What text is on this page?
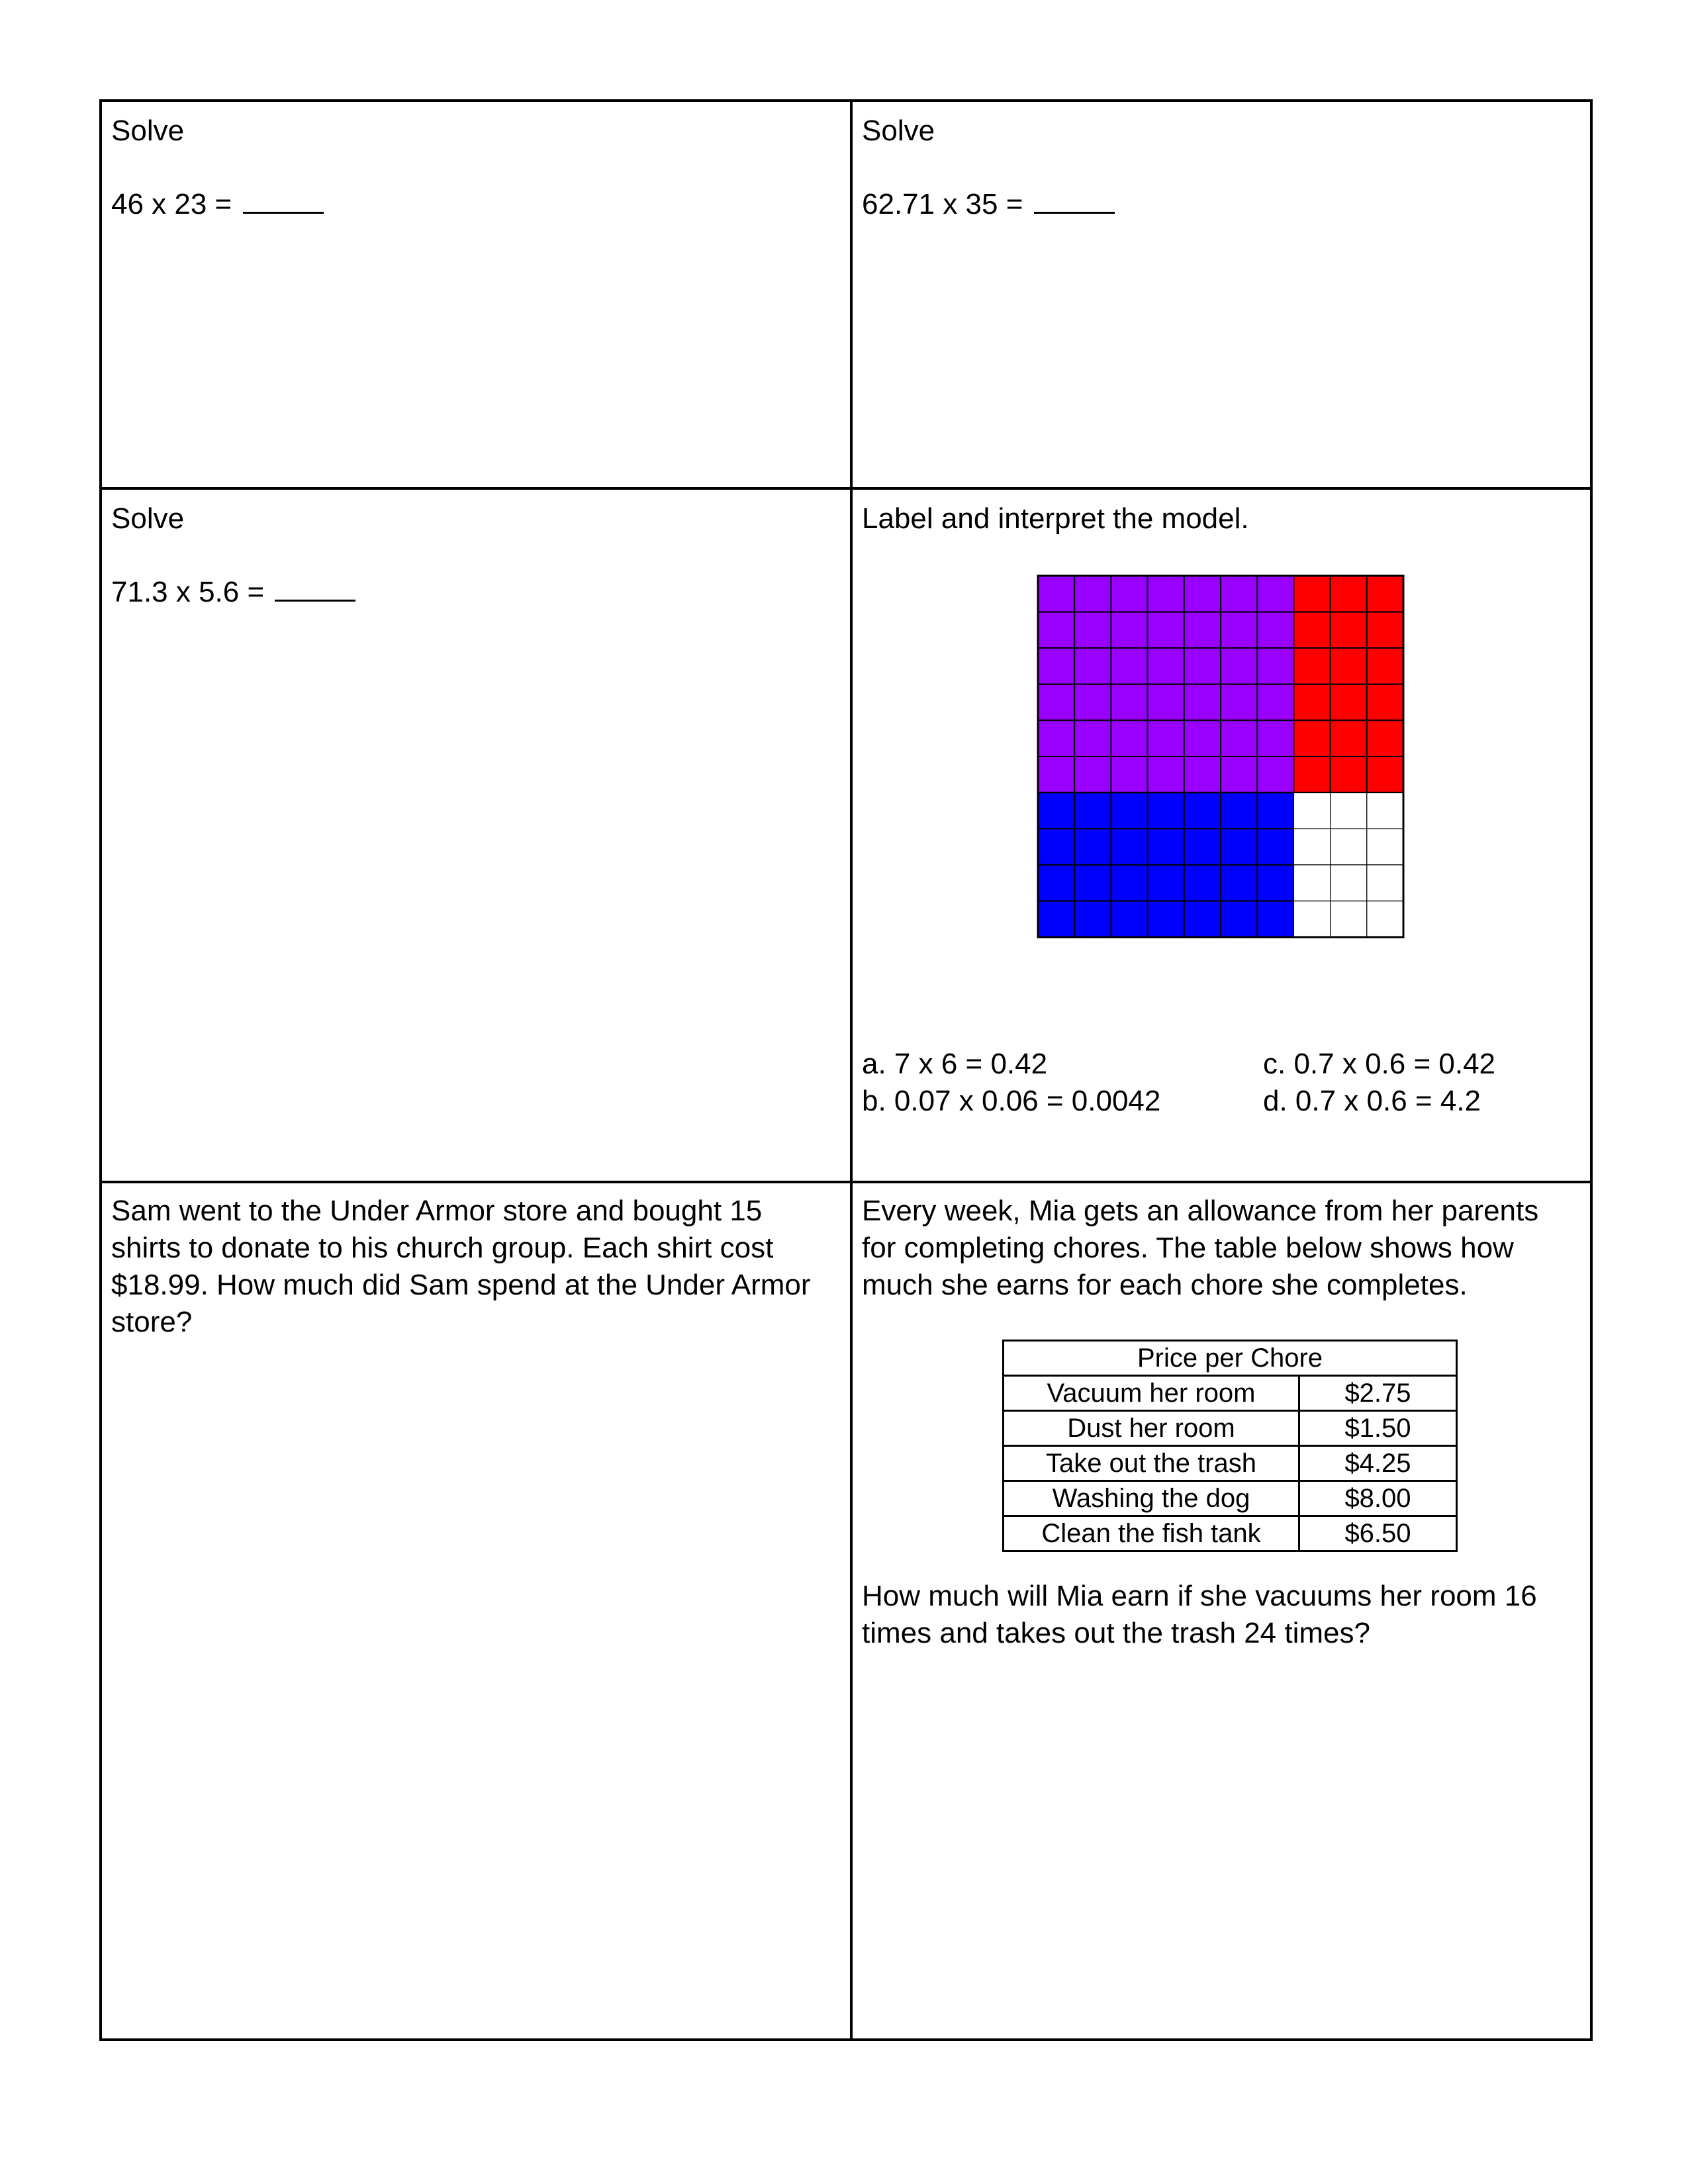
Solve
46 x 23 =
Solve
62.71 x 35 =
Solve
71.3 x 5.6 =
Label and interpret the model.
a. 7 x 6 = 0.42
b. 0.07 x 0.06 = 0.0042
c. 0.7 x 0.6 = 0.42
d. 0.7 x 0.6 = 4.2
Sam went to the Under Armor store and bought 15 shirts to donate to his church group. Each shirt cost $18.99. How much did Sam spend at the Under Armor store?
Every week, Mia gets an allowance from her parents for completing chores. The table below shows how much she earns for each chore she completes.
Price per Chore	
Vacuum her room	$2.75
Dust her room	$1.50
Take out the trash	$4.25
Washing the dog	$8.00
Clean the fish tank	$6.50
How much will Mia earn if she vacuums her room 16 times and takes out the trash 24 times?
